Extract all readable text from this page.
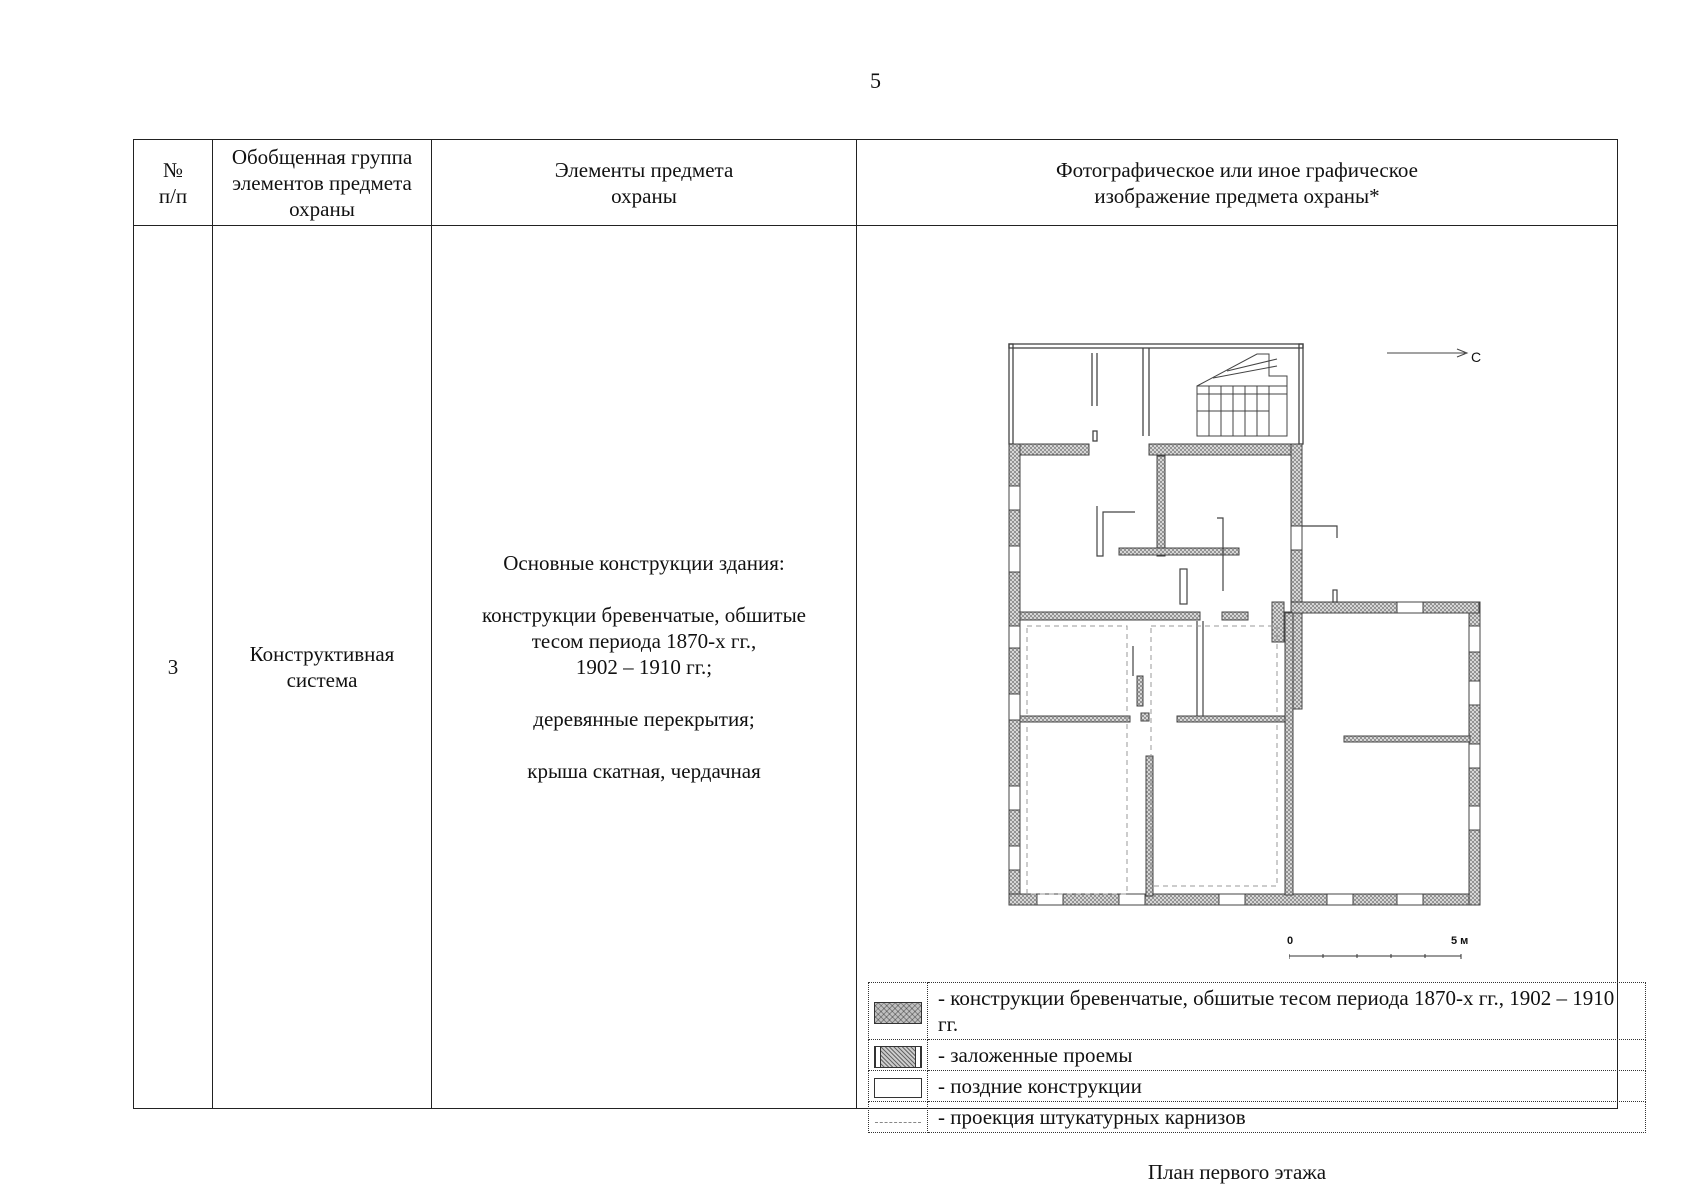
5
№
п/п	Обобщенная группа элементов предмета охраны	Элементы предмета охраны	Фотографическое или иное графическое изображение предмета охраны*
3	Конструктивная система	Основные конструкции здания:

конструкции бревенчатые, обшитые тесом периода 1870-х гг.,
1902 – 1910 гг.;

деревянные перекрытия;

крыша скатная, чердачная	
С
0	5 м
	- конструкции бревенчатые, обшитые тесом периода 1870-х гг., 1902 – 1910 гг.
	- заложенные проемы
	- поздние конструкции
	- проекция штукатурных карнизов
План первого этажа
